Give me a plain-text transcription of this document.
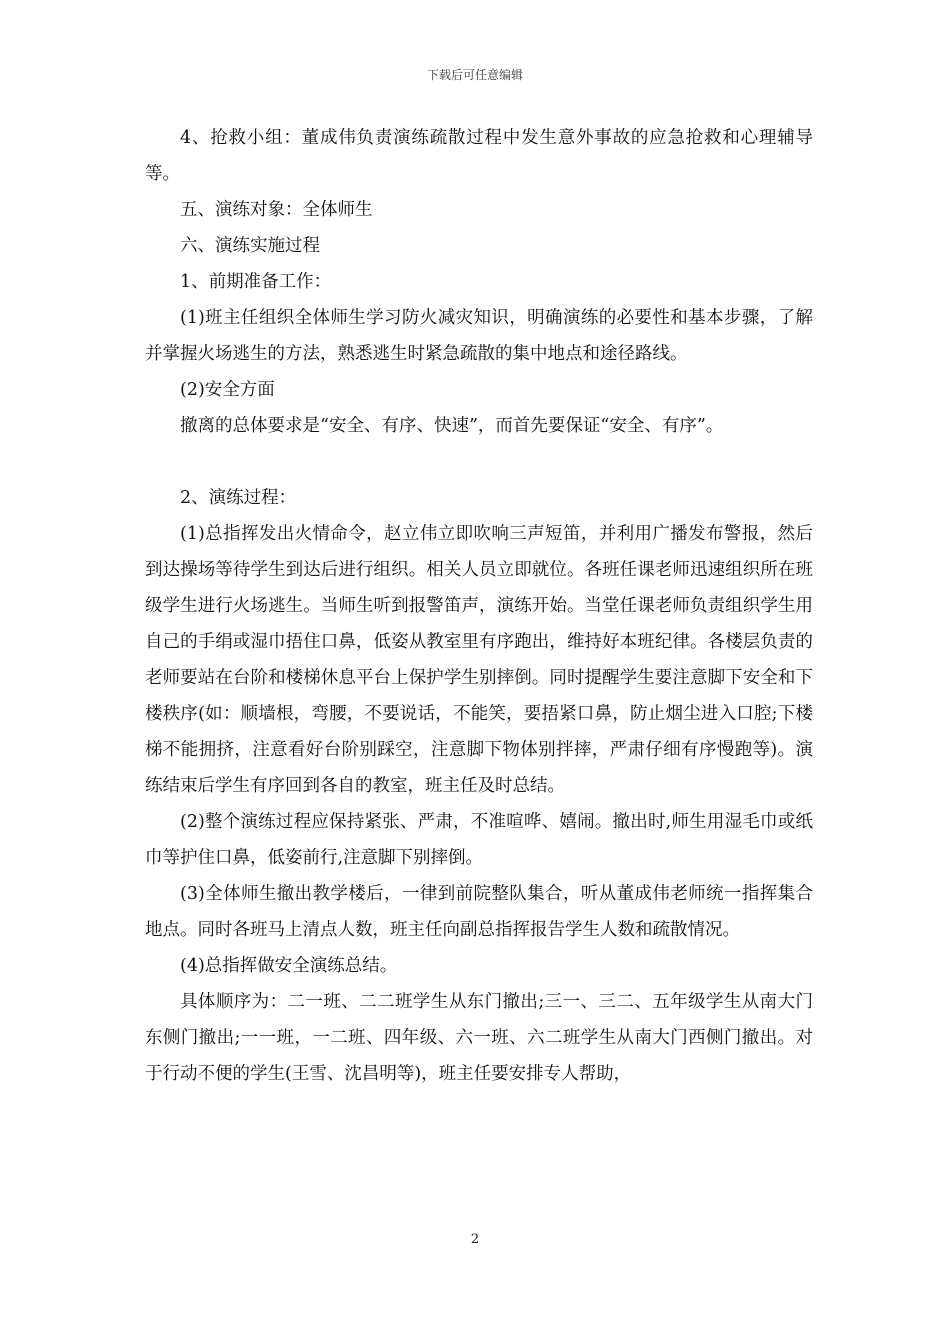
下载后可任意编辑

4、抢救小组：董成伟负责演练疏散过程中发生意外事故的应急抢救和心理辅导等。

五、演练对象：全体师生

六、演练实施过程

1、前期准备工作：

(1)班主任组织全体师生学习防火减灾知识，明确演练的必要性和基本步骤，了解并掌握火场逃生的方法，熟悉逃生时紧急疏散的集中地点和途径路线。

(2)安全方面

撤离的总体要求是“安全、有序、快速”，而首先要保证“安全、有序”。

2、演练过程：

(1)总指挥发出火情命令，赵立伟立即吹响三声短笛，并利用广播发布警报，然后到达操场等待学生到达后进行组织。相关人员立即就位。各班任课老师迅速组织所在班级学生进行火场逃生。当师生听到报警笛声，演练开始。当堂任课老师负责组织学生用自己的手绢或湿巾捂住口鼻，低姿从教室里有序跑出，维持好本班纪律。各楼层负责的老师要站在台阶和楼梯休息平台上保护学生别摔倒。同时提醒学生要注意脚下安全和下楼秩序(如：顺墙根，弯腰，不要说话，不能笑，要捂紧口鼻，防止烟尘进入口腔;下楼梯不能拥挤，注意看好台阶别踩空，注意脚下物体别拌摔，严肃仔细有序慢跑等)。演练结束后学生有序回到各自的教室，班主任及时总结。

(2)整个演练过程应保持紧张、严肃，不准喧哗、嬉闹。撤出时,师生用湿毛巾或纸巾等护住口鼻，低姿前行,注意脚下别摔倒。

(3)全体师生撤出教学楼后，一律到前院整队集合，听从董成伟老师统一指挥集合地点。同时各班马上清点人数，班主任向副总指挥报告学生人数和疏散情况。

(4)总指挥做安全演练总结。

具体顺序为：二一班、二二班学生从东门撤出;三一、三二、五年级学生从南大门东侧门撤出;一一班，一二班、四年级、六一班、六二班学生从南大门西侧门撤出。对于行动不便的学生(王雪、沈昌明等)，班主任要安排专人帮助，

2
